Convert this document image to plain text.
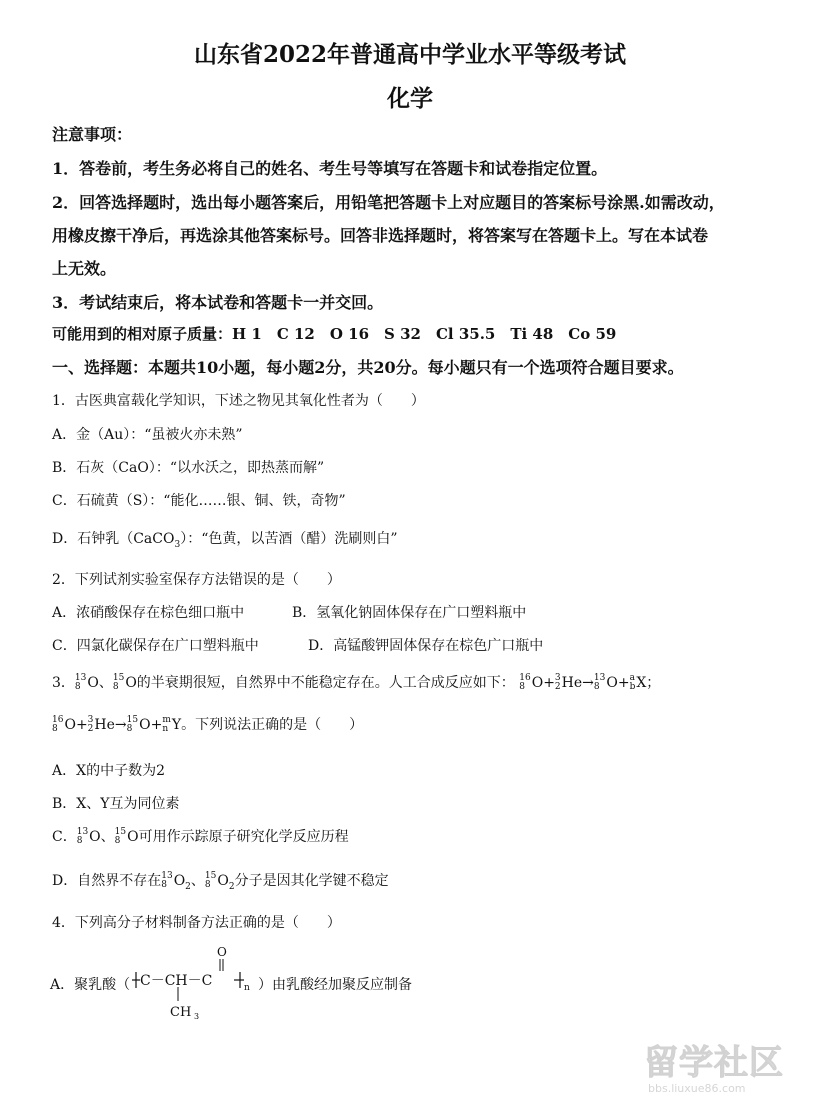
山东省2022年普通高中学业水平等级考试
化学
注意事项：
1．答卷前，考生务必将自己的姓名、考生号等填写在答题卡和试卷指定位置。
2．回答选择题时，选出每小题答案后，用铅笔把答题卡上对应题目的答案标号涂黑.如需改动，
用橡皮擦干净后，再选涂其他答案标号。回答非选择题时，将答案写在答题卡上。写在本试卷
上无效。
3．考试结束后，将本试卷和答题卡一并交回。
可能用到的相对原子质量：H 1　C 12　O 16　S 32　Cl 35.5　Ti 48　Co 59
一、选择题：本题共10小题，每小题2分，共20分。每小题只有一个选项符合题目要求。
1．古医典富载化学知识，下述之物见其氧化性者为（　　）
A．金（Au）：“虽被火亦未熟”
B．石灰（CaO）：“以水沃之，即热蒸而解”
C．石硫黄（S）：“能化……银、铜、铁，奇物”
D．石钟乳（CaCO$_3$）：“色黄，以苦酒（醋）洗刷则白”
2．下列试剂实验室保存方法错误的是（　　）
A．浓硝酸保存在棕色细口瓶中	B．氢氧化钠固体保存在广口塑料瓶中
C．四氯化碳保存在广口塑料瓶中	D．高锰酸钾固体保存在棕色广口瓶中
3． 13
8 O、 15
8 O的半衰期很短，自然界中不能稳定存在。人工合成反应如下： 16
8 O+ 3
2 He→ 13
8 O+ a
b X；
16
8 O+ 3
2 He→ 15
8 O+ m
n Y。下列说法正确的是（　　）
A．X的中子数为2
B．X、Y互为同位素
C． 13
8 O、 15
8 O可用作示踪原子研究化学反应历程
D．自然界不存在 13
8 $O_2$、 15
8 $O_2$分子是因其化学键不稳定
4．下列高分子材料制备方法正确的是（　　）
A．聚乳酸（ C－CH－C
O
n
CH 3
）由乳酸经加聚反应制备
留学社区
bbs.liuxue86.com
